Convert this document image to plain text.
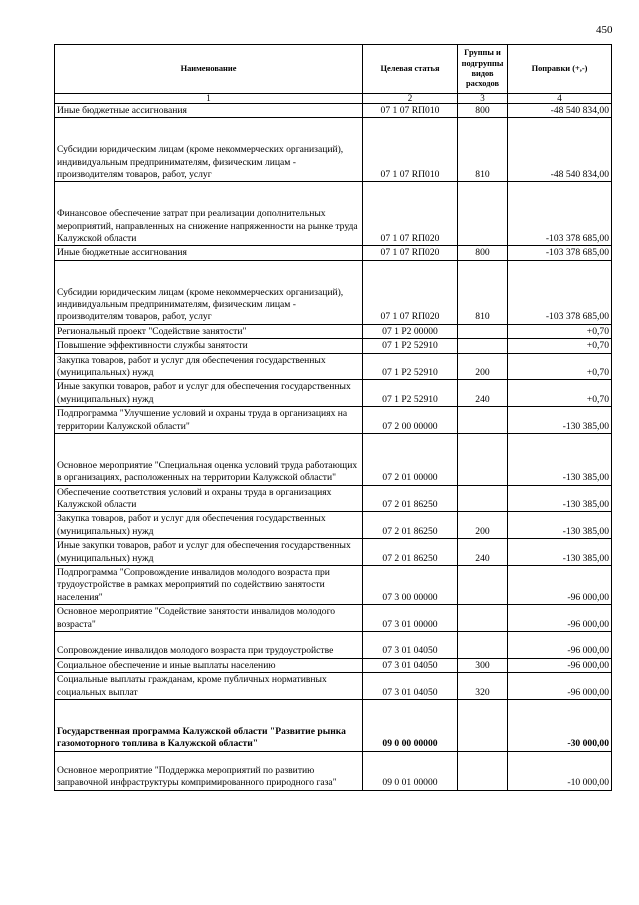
450
Наименование	Целевая статья	Группы и подгруппы видов расходов	Поправки (+,-)
1	2	3	4
Иные бюджетные ассигнования	07 1 07 RП010	800	-48 540 834,00
Субсидии юридическим лицам (кроме некоммерческих организаций), индивидуальным предпринимателям, физическим лицам - производителям товаров, работ, услуг	07 1 07 RП010	810	-48 540 834,00
Финансовое обеспечение затрат при реализации дополнительных мероприятий, направленных на снижение напряженности на рынке труда Калужской области	07 1 07 RП020		-103 378 685,00
Иные бюджетные ассигнования	07 1 07 RП020	800	-103 378 685,00
Субсидии юридическим лицам (кроме некоммерческих организаций), индивидуальным предпринимателям, физическим лицам - производителям товаров, работ, услуг	07 1 07 RП020	810	-103 378 685,00
Региональный проект "Содействие занятости"	07 1 P2 00000		+0,70
Повышение эффективности службы занятости	07 1 P2 52910		+0,70
Закупка товаров, работ и услуг для обеспечения государственных (муниципальных) нужд	07 1 P2 52910	200	+0,70
Иные закупки товаров, работ и услуг для обеспечения государственных (муниципальных) нужд	07 1 P2 52910	240	+0,70
Подпрограмма "Улучшение условий и охраны труда в организациях на территории Калужской области"	07 2 00 00000		-130 385,00
Основное мероприятие "Специальная оценка условий труда работающих в организациях, расположенных на территории Калужской области"	07 2 01 00000		-130 385,00
Обеспечение соответствия условий и охраны труда в организациях Калужской области	07 2 01 86250		-130 385,00
Закупка товаров, работ и услуг для обеспечения государственных (муниципальных) нужд	07 2 01 86250	200	-130 385,00
Иные закупки товаров, работ и услуг для обеспечения государственных (муниципальных) нужд	07 2 01 86250	240	-130 385,00
Подпрограмма "Сопровождение инвалидов молодого возраста при трудоустройстве в рамках мероприятий по содействию занятости населения"	07 3 00 00000		-96 000,00
Основное мероприятие "Содействие занятости инвалидов молодого возраста"	07 3 01 00000		-96 000,00
Сопровождение инвалидов молодого возраста при трудоустройстве	07 3 01 04050		-96 000,00
Социальное обеспечение и иные выплаты населению	07 3 01 04050	300	-96 000,00
Социальные выплаты гражданам, кроме публичных нормативных социальных выплат	07 3 01 04050	320	-96 000,00
Государственная программа Калужской области "Развитие рынка газомоторного топлива в Калужской области"	09 0 00 00000		-30 000,00
Основное мероприятие "Поддержка мероприятий по развитию заправочной инфраструктуры компримированного природного газа"	09 0 01 00000		-10 000,00
